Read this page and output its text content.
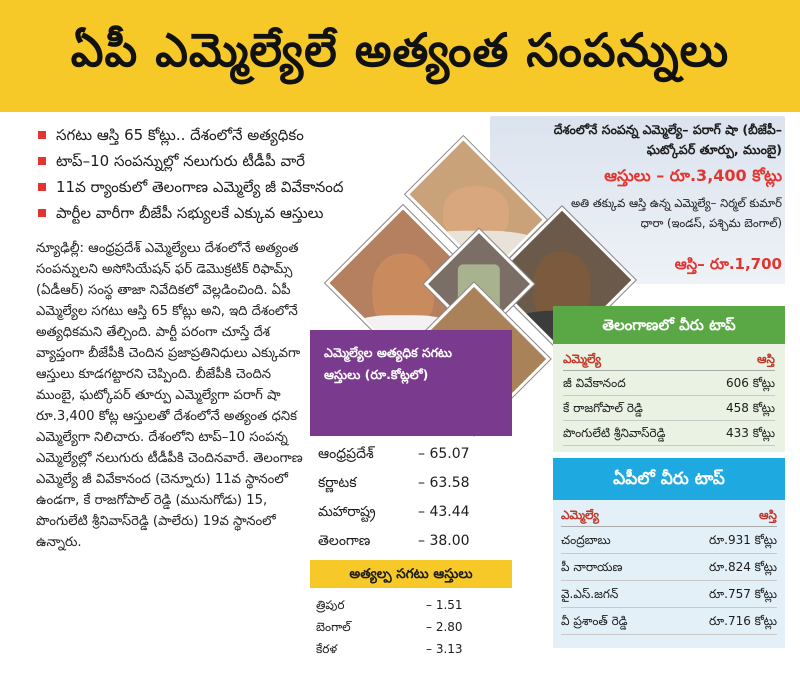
ఏపీ ఎమ్మెల్యేలే అత్యంత సంపన్నులు
సగటు ఆస్తి 65 కోట్లు.. దేశంలోనే అత్యధికం
టాప్‌–10 సంపన్నుల్లో నలుగురు టీడీపీ వారే
11వ ర్యాంకులో తెలంగాణ ఎమ్మెల్యే జీ వివేకానంద
పార్టీల వారీగా బీజేపీ సభ్యులకే ఎక్కువ ఆస్తులు

న్యూఢిల్లీ: ఆంధ్రప్రదేశ్‌ ఎమ్మెల్యేలు దేశంలోనే అత్యంత సంపన్నులని అసోసియేషన్‌ ఫర్‌ డెమొక్రటిక్‌ రిఫామ్స్‌ (ఏడీఆర్‌) సంస్థ తాజా నివేదికలో వెల్లడించింది. ఏపీ ఎమ్మెల్యేల సగటు ఆస్తి 65 కోట్లు అని, ఇది దేశంలోనే అత్యధికమని తేల్చింది. పార్టీ పరంగా చూస్తే దేశ వ్యాప్తంగా బీజేపీకి చెందిన ప్రజాప్రతినిధులు ఎక్కువగా ఆస్తులు కూడగట్టారని చెప్పింది. బీజేపీకి చెందిన ముంబై, ఘట్కోపర్‌ తూర్పు ఎమ్మెల్యేగా పరాగ్‌ షా రూ.3,400 కోట్ల ఆస్తులతో దేశంలోనే అత్యంత ధనిక ఎమ్మెల్యేగా నిలిచారు. దేశంలోని టాప్‌–10 సంపన్న ఎమ్మెల్యేల్లో నలుగురు టీడీపీకి చెందినవారే. తెలంగాణ ఎమ్మెల్యే జీ వివేకానంద (చెన్నూరు) 11వ స్థానంలో ఉండగా, కే రాజగోపాల్‌ రెడ్డి (మునుగోడు) 15, పొంగులేటి శ్రీనివాస్‌రెడ్డి (పాలేరు) 19వ స్థానంలో ఉన్నారు.

దేశంలోనే సంపన్న ఎమ్మెల్యే– పరాగ్‌ షా (బీజేపీ– ఘట్కోపర్‌ తూర్పు, ముంబై)
ఆస్తులు – రూ.3,400 కోట్లు
అతి తక్కువ ఆస్తి ఉన్న ఎమ్మెల్యే– నిర్మల్‌ కుమార్‌ ధారా (ఇండస్, పశ్చిమ బెంగాల్‌)
ఆస్తి– రూ.1,700
ఎమ్మెల్యేల అత్యధిక సగటు ఆస్తులు (రూ.కోట్లలో)
ఆంధ్రప్రదేశ్‌	– 65.07
కర్ణాటక	– 63.58
మహారాష్ట్ర	– 43.44
తెలంగాణ	– 38.00
అత్యల్ప సగటు ఆస్తులు
త్రిపుర	– 1.51
బెంగాల్‌	– 2.80
కేరళ	– 3.13
తెలంగాణలో వీరు టాప్‌
ఎమ్మెల్యే	ఆస్తి
జీ వివేకానంద	606 కోట్లు
కే రాజగోపాల్‌ రెడ్డి	458 కోట్లు
పొంగులేటి శ్రీనివాస్‌రెడ్డి	433 కోట్లు
ఏపీలో వీరు టాప్‌
ఎమ్మెల్యే	ఆస్తి
చంద్రబాబు	రూ.931 కోట్లు
పీ నారాయణ	రూ.824 కోట్లు
వై.ఎస్‌.జగన్‌	రూ.757 కోట్లు
వీ ప్రశాంత్‌ రెడ్డి	రూ.716 కోట్లు
